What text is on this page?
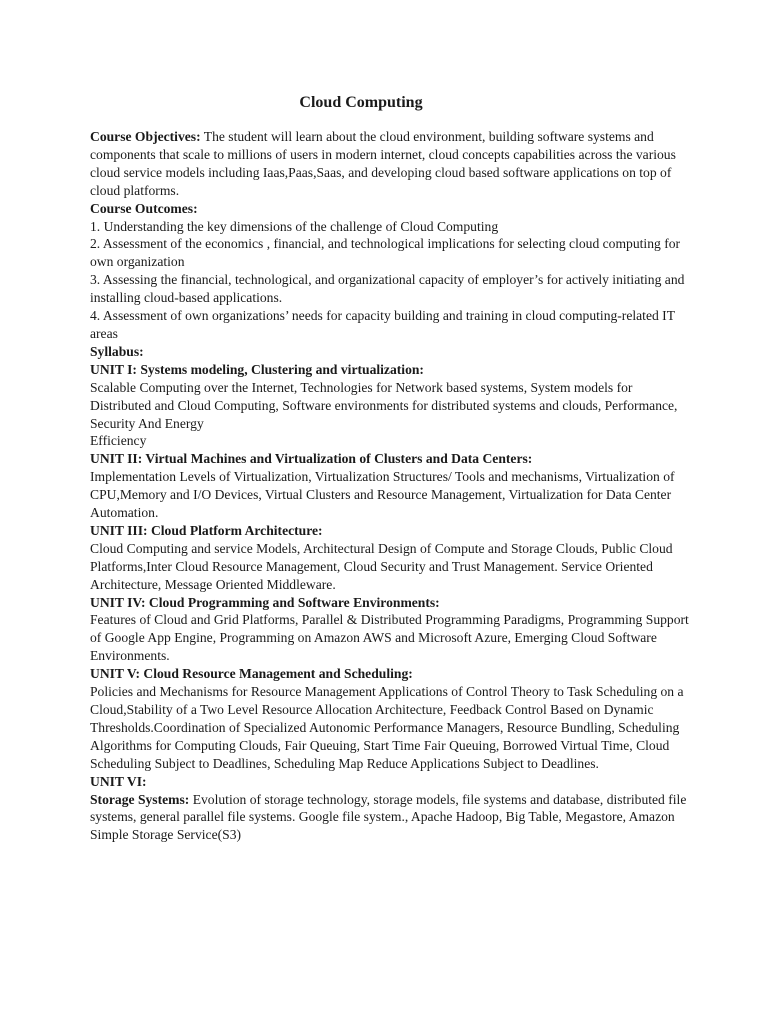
Cloud Computing

Course Objectives: The student will learn about the cloud environment, building software systems and components that scale to millions of users in modern internet, cloud concepts capabilities across the various cloud service models including Iaas,Paas,Saas, and developing cloud based software applications on top of cloud platforms.

Course Outcomes:

1. Understanding the key dimensions of the challenge of Cloud Computing

2. Assessment of the economics , financial, and technological implications for selecting cloud computing for own organization

3. Assessing the financial, technological, and organizational capacity of employer’s for actively initiating and installing cloud-based applications.

4. Assessment of own organizations’ needs for capacity building and training in cloud computing-related IT areas

Syllabus:

UNIT I: Systems modeling, Clustering and virtualization:

Scalable Computing over the Internet, Technologies for Network based systems, System models for Distributed and Cloud Computing, Software environments for distributed systems and clouds, Performance, Security And Energy

Efficiency

UNIT II: Virtual Machines and Virtualization of Clusters and Data Centers:

Implementation Levels of Virtualization, Virtualization Structures/ Tools and mechanisms, Virtualization of CPU,Memory and I/O Devices, Virtual Clusters and Resource Management, Virtualization for Data Center Automation.

UNIT III: Cloud Platform Architecture:

Cloud Computing and service Models, Architectural Design of Compute and Storage Clouds, Public Cloud Platforms,Inter Cloud Resource Management, Cloud Security and Trust Management. Service Oriented Architecture, Message Oriented Middleware.

UNIT IV: Cloud Programming and Software Environments:

Features of Cloud and Grid Platforms, Parallel & Distributed Programming Paradigms, Programming Support of Google App Engine, Programming on Amazon AWS and Microsoft Azure, Emerging Cloud Software Environments.

UNIT V: Cloud Resource Management and Scheduling:

Policies and Mechanisms for Resource Management Applications of Control Theory to Task Scheduling on a Cloud,Stability of a Two Level Resource Allocation Architecture, Feedback Control Based on Dynamic Thresholds.Coordination of Specialized Autonomic Performance Managers, Resource Bundling, Scheduling Algorithms for Computing Clouds, Fair Queuing, Start Time Fair Queuing, Borrowed Virtual Time, Cloud Scheduling Subject to Deadlines, Scheduling Map Reduce Applications Subject to Deadlines.

UNIT VI:

Storage Systems: Evolution of storage technology, storage models, file systems and database, distributed file systems, general parallel file systems. Google file system., Apache Hadoop, Big Table, Megastore, Amazon Simple Storage Service(S3)
